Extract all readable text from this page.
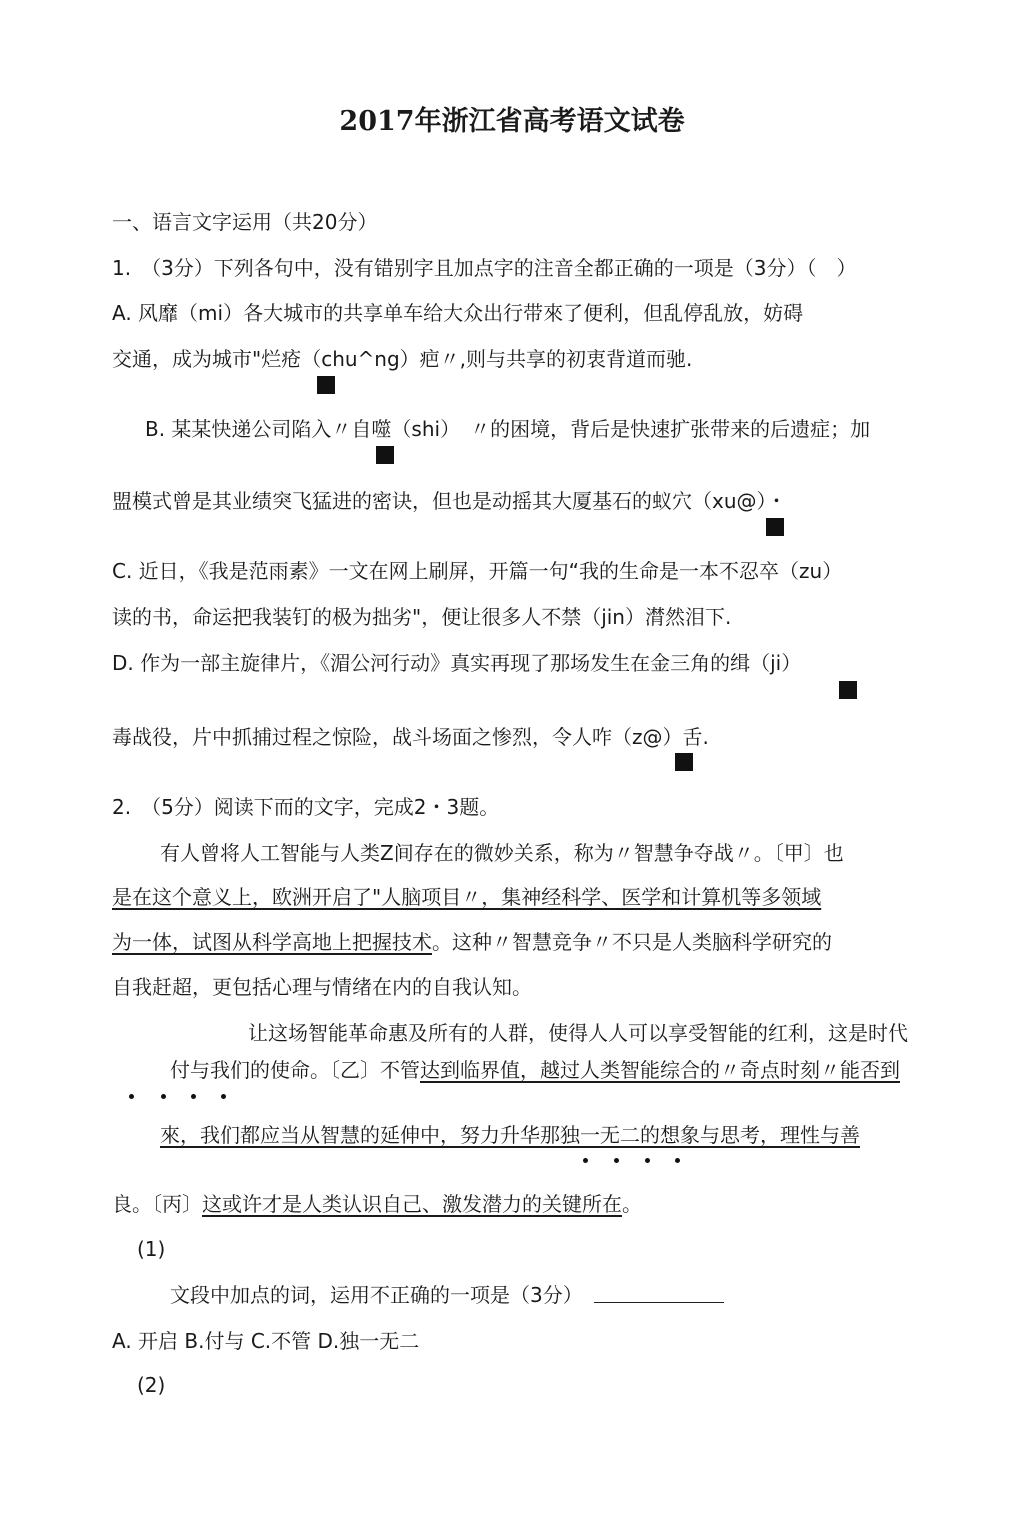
2017年浙江省高考语文试卷
一、语言文字运用（共20分）
1.　（3分）下列各句中，没有错别字且加点字的注音全都正确的一项是（3分）（　）
A. 风靡（mi）各大城市的共享单车给大众出行带來了便利，但乱停乱放，妨碍
交通，成为城市"烂疮（chu^ng）疤〃,则与共享的初衷背道而驰.
B. 某某快递公司陷入〃自噬（shi）　〃的困境，背后是快速扩张带来的后遗症；加
盟模式曾是其业绩突飞猛进的密诀，但也是动摇其大厦基石的蚁穴（xu@）・
C. 近日，《我是范雨素》一文在网上刷屏，开篇一句“我的生命是一本不忍卒（zu）
读的书，命运把我装钉的极为拙劣"，便让很多人不禁（jin）潸然泪下.
D. 作为一部主旋律片，《湄公河行动》真实再现了那场发生在金三角的缉（ji）
毒战役，片中抓捕过程之惊险，战斗场面之惨烈，令人咋（z@）舌.
2.　（5分）阅读下而的文字，完成2・3题。
有人曾将人工智能与人类Z间存在的微妙关系，称为〃智慧争夺战〃。〔甲〕也
是在这个意义上，欧洲开启了"人脑项目〃，集神经科学、医学和计算机等多领域
为一体，试图从科学高地上把握技术。这种〃智慧竞争〃不只是人类脑科学研究的
自我赶超，更包括心理与情绪在内的自我认知。
让这场智能革命惠及所有的人群，使得人人可以享受智能的红利，这是时代
付与我们的使命。〔乙〕不管达到临界值，越过人类智能综合的〃奇点时刻〃能否到
來，我们都应当从智慧的延伸中，努力升华那独一无二的想象与思考，理性与善
良。〔丙〕这或许才是人类认识自己、激发潜力的关键所在。
(1)
文段中加点的词，运用不正确的一项是（3分）
A. 开启 B.付与 C.不管 D.独一无二
(2)
